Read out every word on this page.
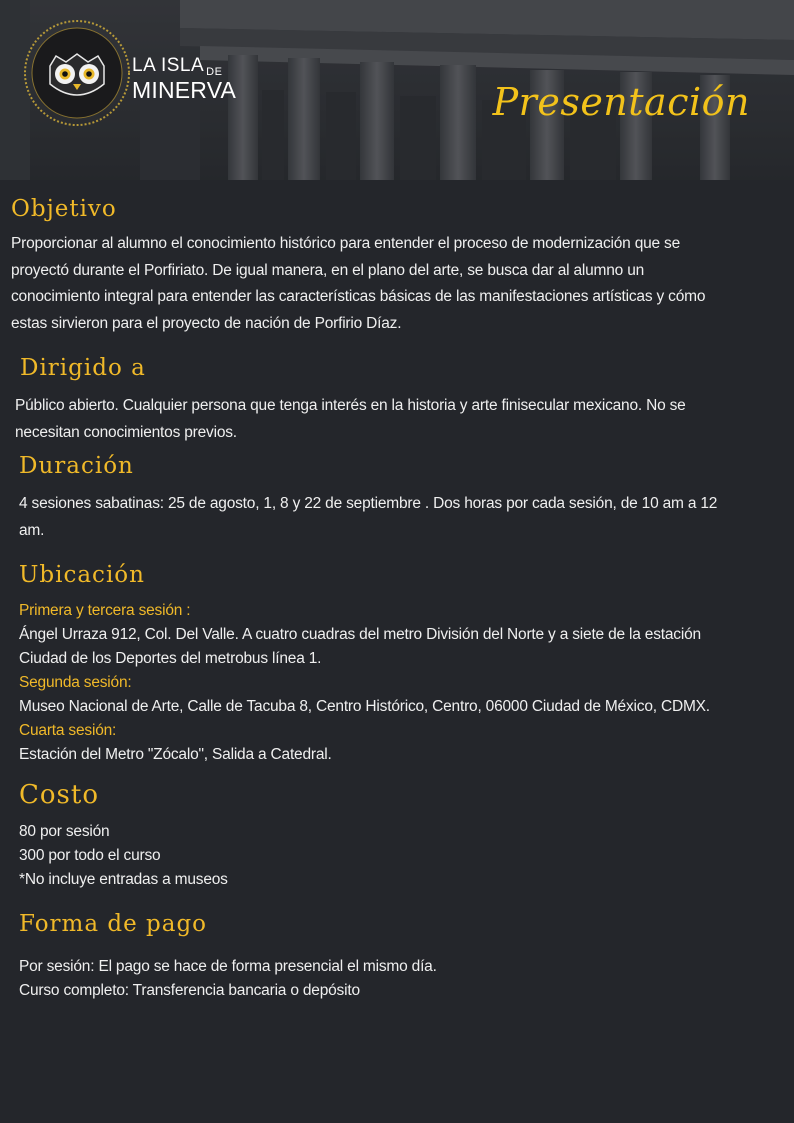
LA ISLA $_{DE}$
MINERVA	Presentación
Objetivo
Proporcionar al alumno el conocimiento histórico para entender el proceso de modernización que se
proyectó durante el Porfiriato. De igual manera, en el plano del arte, se busca dar al alumno un
conocimiento integral para entender las características básicas de las manifestaciones artísticas y cómo
estas sirvieron para el proyecto de nación de Porfirio Díaz.
Dirigido a
Público abierto. Cualquier persona que tenga interés en la historia y arte finisecular mexicano. No se
necesitan conocimientos previos.
Duración
4 sesiones sabatinas: 25 de agosto, 1, 8 y 22 de septiembre . Dos horas por cada sesión, de 10 am a 12
am.
Ubicación
Primera y tercera sesión :
Ángel Urraza 912, Col. Del Valle. A cuatro cuadras del metro División del Norte y a siete de la estación
Ciudad de los Deportes del metrobus línea 1.
Segunda sesión:
Museo Nacional de Arte, Calle de Tacuba 8, Centro Histórico, Centro, 06000 Ciudad de México, CDMX.
Cuarta sesión:
Estación del Metro "Zócalo", Salida a Catedral.
Costo
80 por sesión
300 por todo el curso
*No incluye entradas a museos
Forma de pago
Por sesión: El pago se hace de forma presencial el mismo día.
Curso completo: Transferencia bancaria o depósito
